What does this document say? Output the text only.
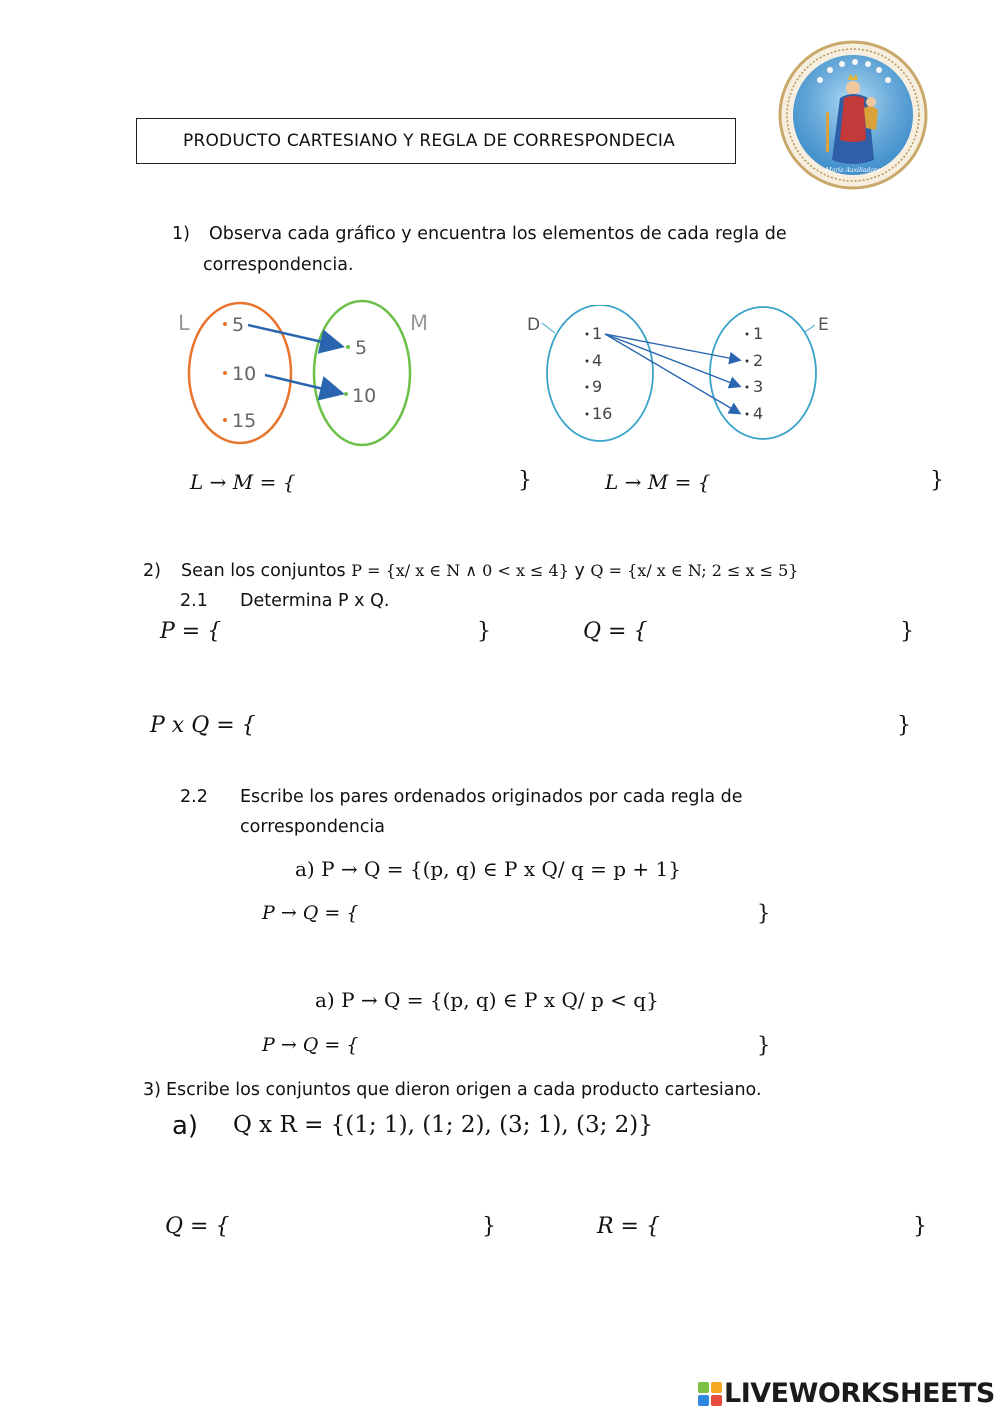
PRODUCTO CARTESIANO Y REGLA DE CORRESPONDECIA
María Auxiliadora
1) Observa cada gráfico y encuentra los elementos de cada regla de
correspondencia.
L	M
5
10
15
5
10
D	E
1
4
9
16
1
2
3
4
L → M = {	}	L → M = {	}
2) Sean los conjuntos P = {x/ x ∈ N ∧ 0 < x ≤ 4} y Q = {x/ x ∈ N; 2 ≤ x ≤ 5}
2.1 Determina P x Q.
P = {	}	Q = {	}
P x Q = {	}
2.2 Escribe los pares ordenados originados por cada regla de
correspondencia
a) P → Q = {(p, q) ∈ P x Q/ q = p + 1}
P → Q = {	}
a) P → Q = {(p, q) ∈ P x Q/ p < q}
P → Q = {	}
3) Escribe los conjuntos que dieron origen a cada producto cartesiano.
a) Q x R = {(1; 1), (1; 2), (3; 1), (3; 2)}
Q = {	}	R = {	}
LIVEWORKSHEETS
